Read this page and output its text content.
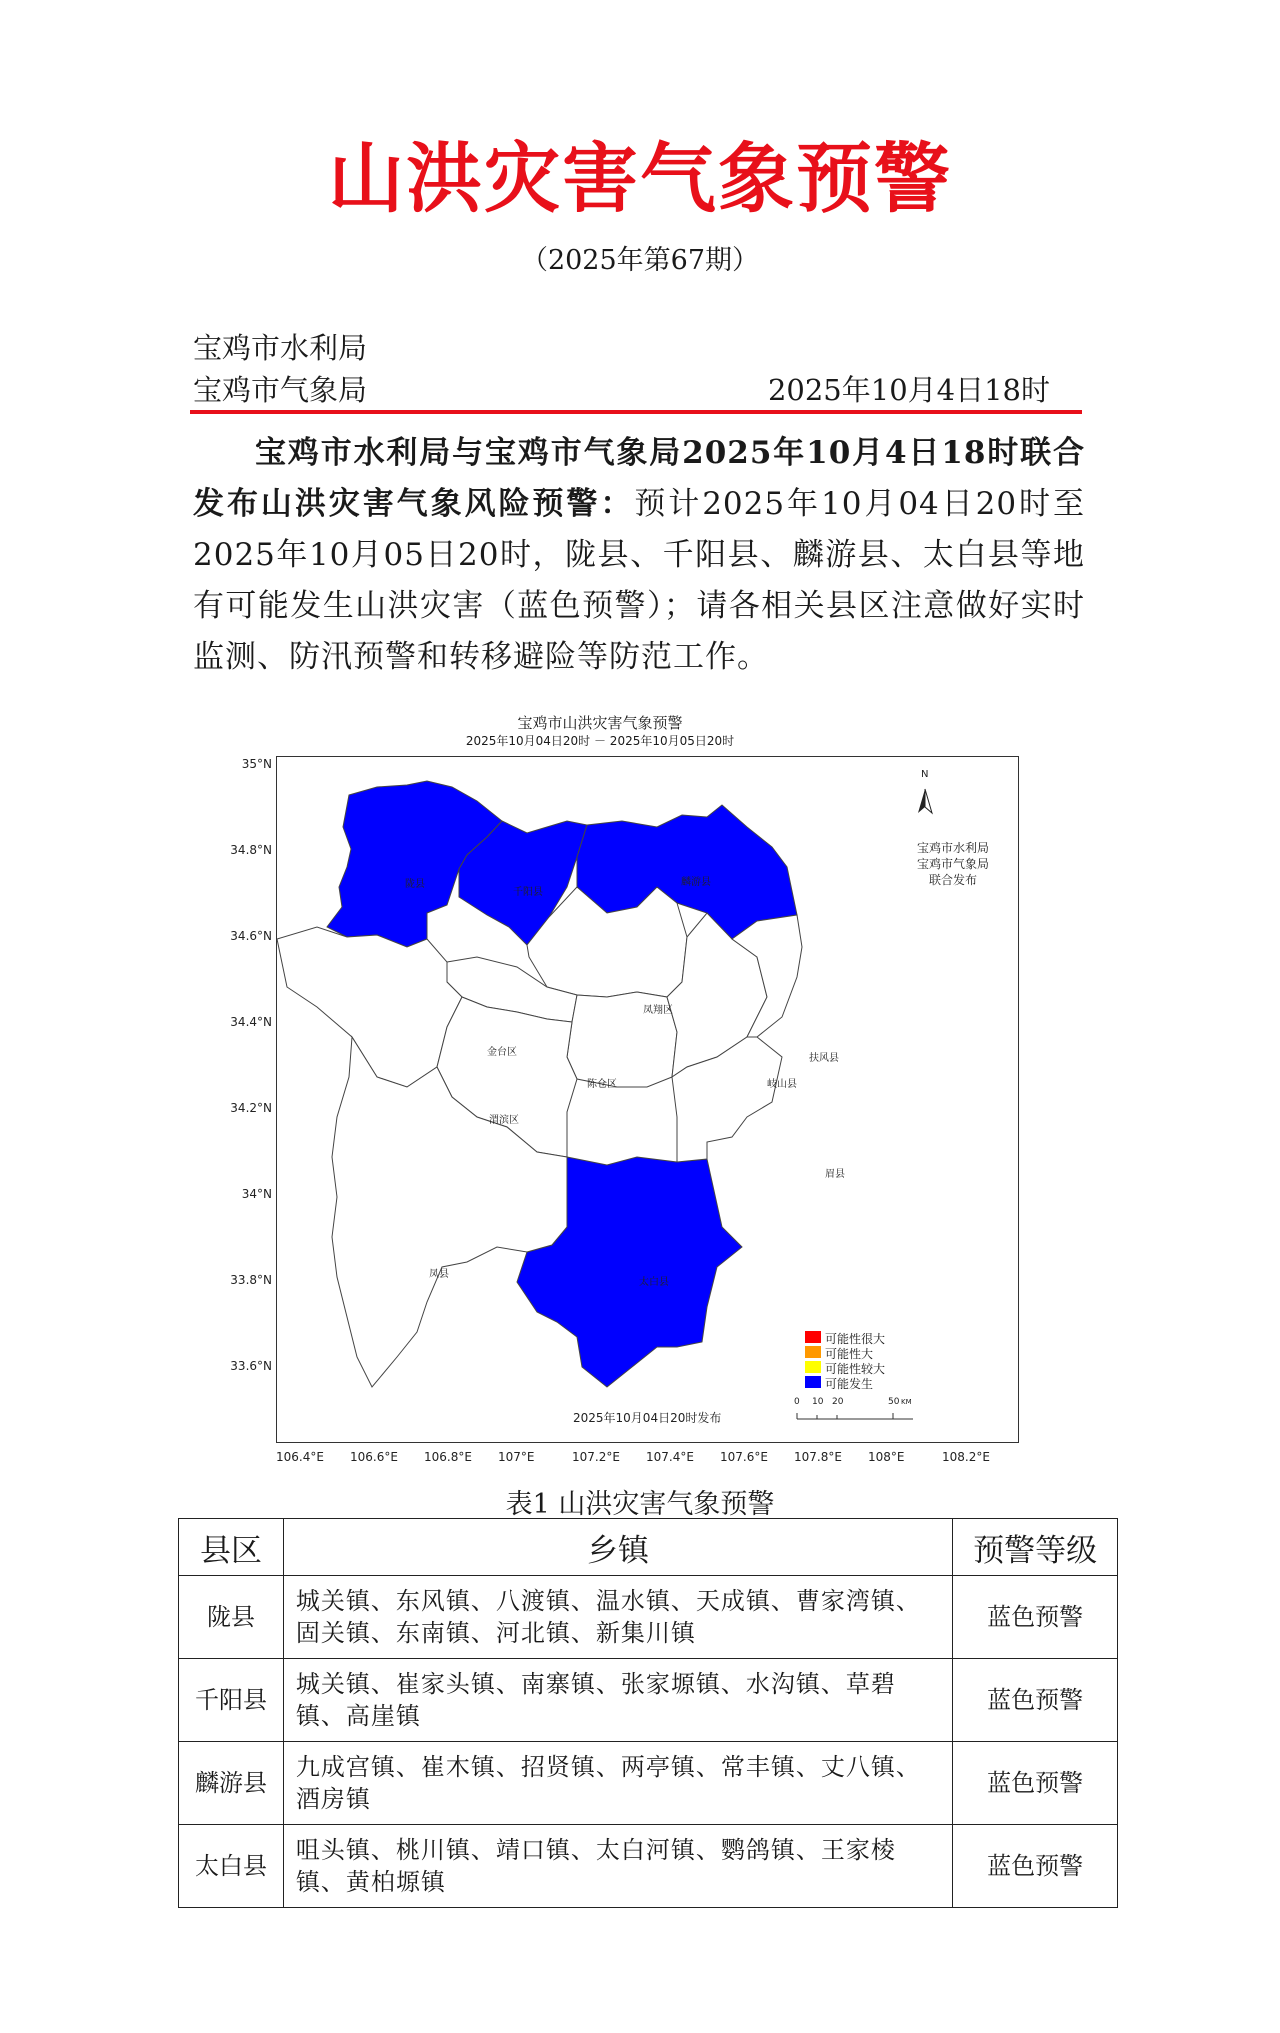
山洪灾害气象预警
（2025年第67期）
宝鸡市水利局
宝鸡市气象局	2025年10月4日18时
宝鸡市水利局与宝鸡市气象局2025年10月4日18时联合发布山洪灾害气象风险预警：预计2025年10月04日20时至2025年10月05日20时，陇县、千阳县、麟游县、太白县等地有可能发生山洪灾害（蓝色预警）；请各相关县区注意做好实时监测、防汛预警和转移避险等防范工作。
宝鸡市山洪灾害气象预警
2025年10月04日20时 － 2025年10月05日20时
陇县
千阳县
麟游县
凤翔区
金台区
陈仓区
渭滨区
岐山县
扶风县
眉县
凤县
太白县
N
宝鸡市水利局
宝鸡市气象局
联合发布
可能性很大
可能性大
可能性较大
可能发生
2025年10月04日20时发布
0 10 20	50 KM
35°N
34.8°N
34.6°N
34.4°N
34.2°N
34°N
33.8°N
33.6°N
106.4°E 106.6°E 106.8°E 107°E	107.2°E 107.4°E 107.6°E 107.8°E 108°E	108.2°E
表1 山洪灾害气象预警
县区	乡镇	预警等级
陇县	城关镇、东风镇、八渡镇、温水镇、天成镇、曹家湾镇、固关镇、东南镇、河北镇、新集川镇	蓝色预警
千阳县	城关镇、崔家头镇、南寨镇、张家塬镇、水沟镇、草碧镇、高崖镇	蓝色预警
麟游县	九成宫镇、崔木镇、招贤镇、两亭镇、常丰镇、丈八镇、酒房镇	蓝色预警
太白县	咀头镇、桃川镇、靖口镇、太白河镇、鹦鸽镇、王家棱镇、黄柏塬镇	蓝色预警
